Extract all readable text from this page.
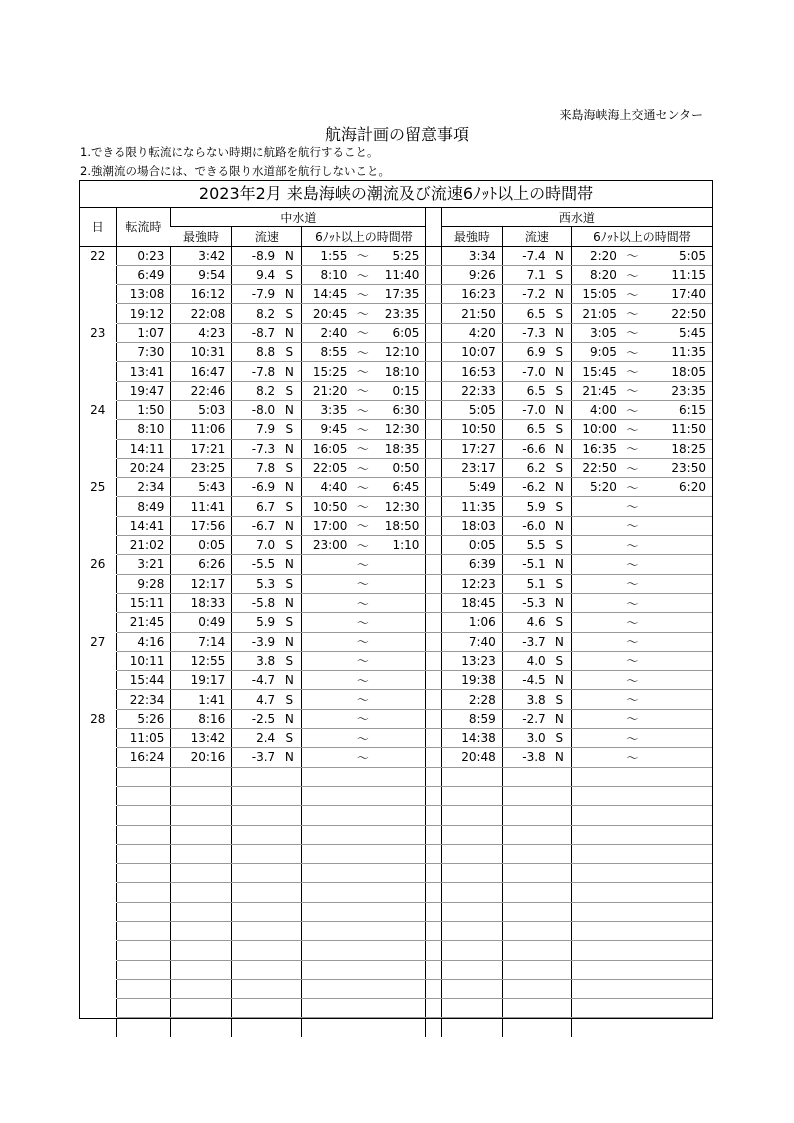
来島海峡海上交通センター
航海計画の留意事項
1.できる限り転流にならない時期に航路を航行すること。
2.強潮流の場合には、できる限り水道部を航行しないこと。
2023年2月 来島海峡の潮流及び流速6ﾉｯﾄ以上の時間帯
日	転流時	中水道							西水道					
		最強時	流速		6ﾉｯﾄ以上の時間帯				最強時	流速		6ﾉｯﾄ以上の時間帯		
22	0:23	3:42	-8.9	N	1:55	～	5:25		3:34	-7.4	N	2:20	～	5:05
	6:49	9:54	9.4	S	8:10	～	11:40		9:26	7.1	S	8:20	～	11:15
	13:08	16:12	-7.9	N	14:45	～	17:35		16:23	-7.2	N	15:05	～	17:40
	19:12	22:08	8.2	S	20:45	～	23:35		21:50	6.5	S	21:05	～	22:50
23	1:07	4:23	-8.7	N	2:40	～	6:05		4:20	-7.3	N	3:05	～	5:45
	7:30	10:31	8.8	S	8:55	～	12:10		10:07	6.9	S	9:05	～	11:35
	13:41	16:47	-7.8	N	15:25	～	18:10		16:53	-7.0	N	15:45	～	18:05
	19:47	22:46	8.2	S	21:20	～	0:15		22:33	6.5	S	21:45	～	23:35
24	1:50	5:03	-8.0	N	3:35	～	6:30		5:05	-7.0	N	4:00	～	6:15
	8:10	11:06	7.9	S	9:45	～	12:30		10:50	6.5	S	10:00	～	11:50
	14:11	17:21	-7.3	N	16:05	～	18:35		17:27	-6.6	N	16:35	～	18:25
	20:24	23:25	7.8	S	22:05	～	0:50		23:17	6.2	S	22:50	～	23:50
25	2:34	5:43	-6.9	N	4:40	～	6:45		5:49	-6.2	N	5:20	～	6:20
	8:49	11:41	6.7	S	10:50	～	12:30		11:35	5.9	S		～	
	14:41	17:56	-6.7	N	17:00	～	18:50		18:03	-6.0	N		～	
	21:02	0:05	7.0	S	23:00	～	1:10		0:05	5.5	S		～	
26	3:21	6:26	-5.5	N		～			6:39	-5.1	N		～	
	9:28	12:17	5.3	S		～			12:23	5.1	S		～	
	15:11	18:33	-5.8	N		～			18:45	-5.3	N		～	
	21:45	0:49	5.9	S		～			1:06	4.6	S		～	
27	4:16	7:14	-3.9	N		～			7:40	-3.7	N		～	
	10:11	12:55	3.8	S		～			13:23	4.0	S		～	
	15:44	19:17	-4.7	N		～			19:38	-4.5	N		～	
	22:34	1:41	4.7	S		～			2:28	3.8	S		～	
28	5:26	8:16	-2.5	N		～			8:59	-2.7	N		～	
	11:05	13:42	2.4	S		～			14:38	3.0	S		～	
	16:24	20:16	-3.7	N		～			20:48	-3.8	N		～	
